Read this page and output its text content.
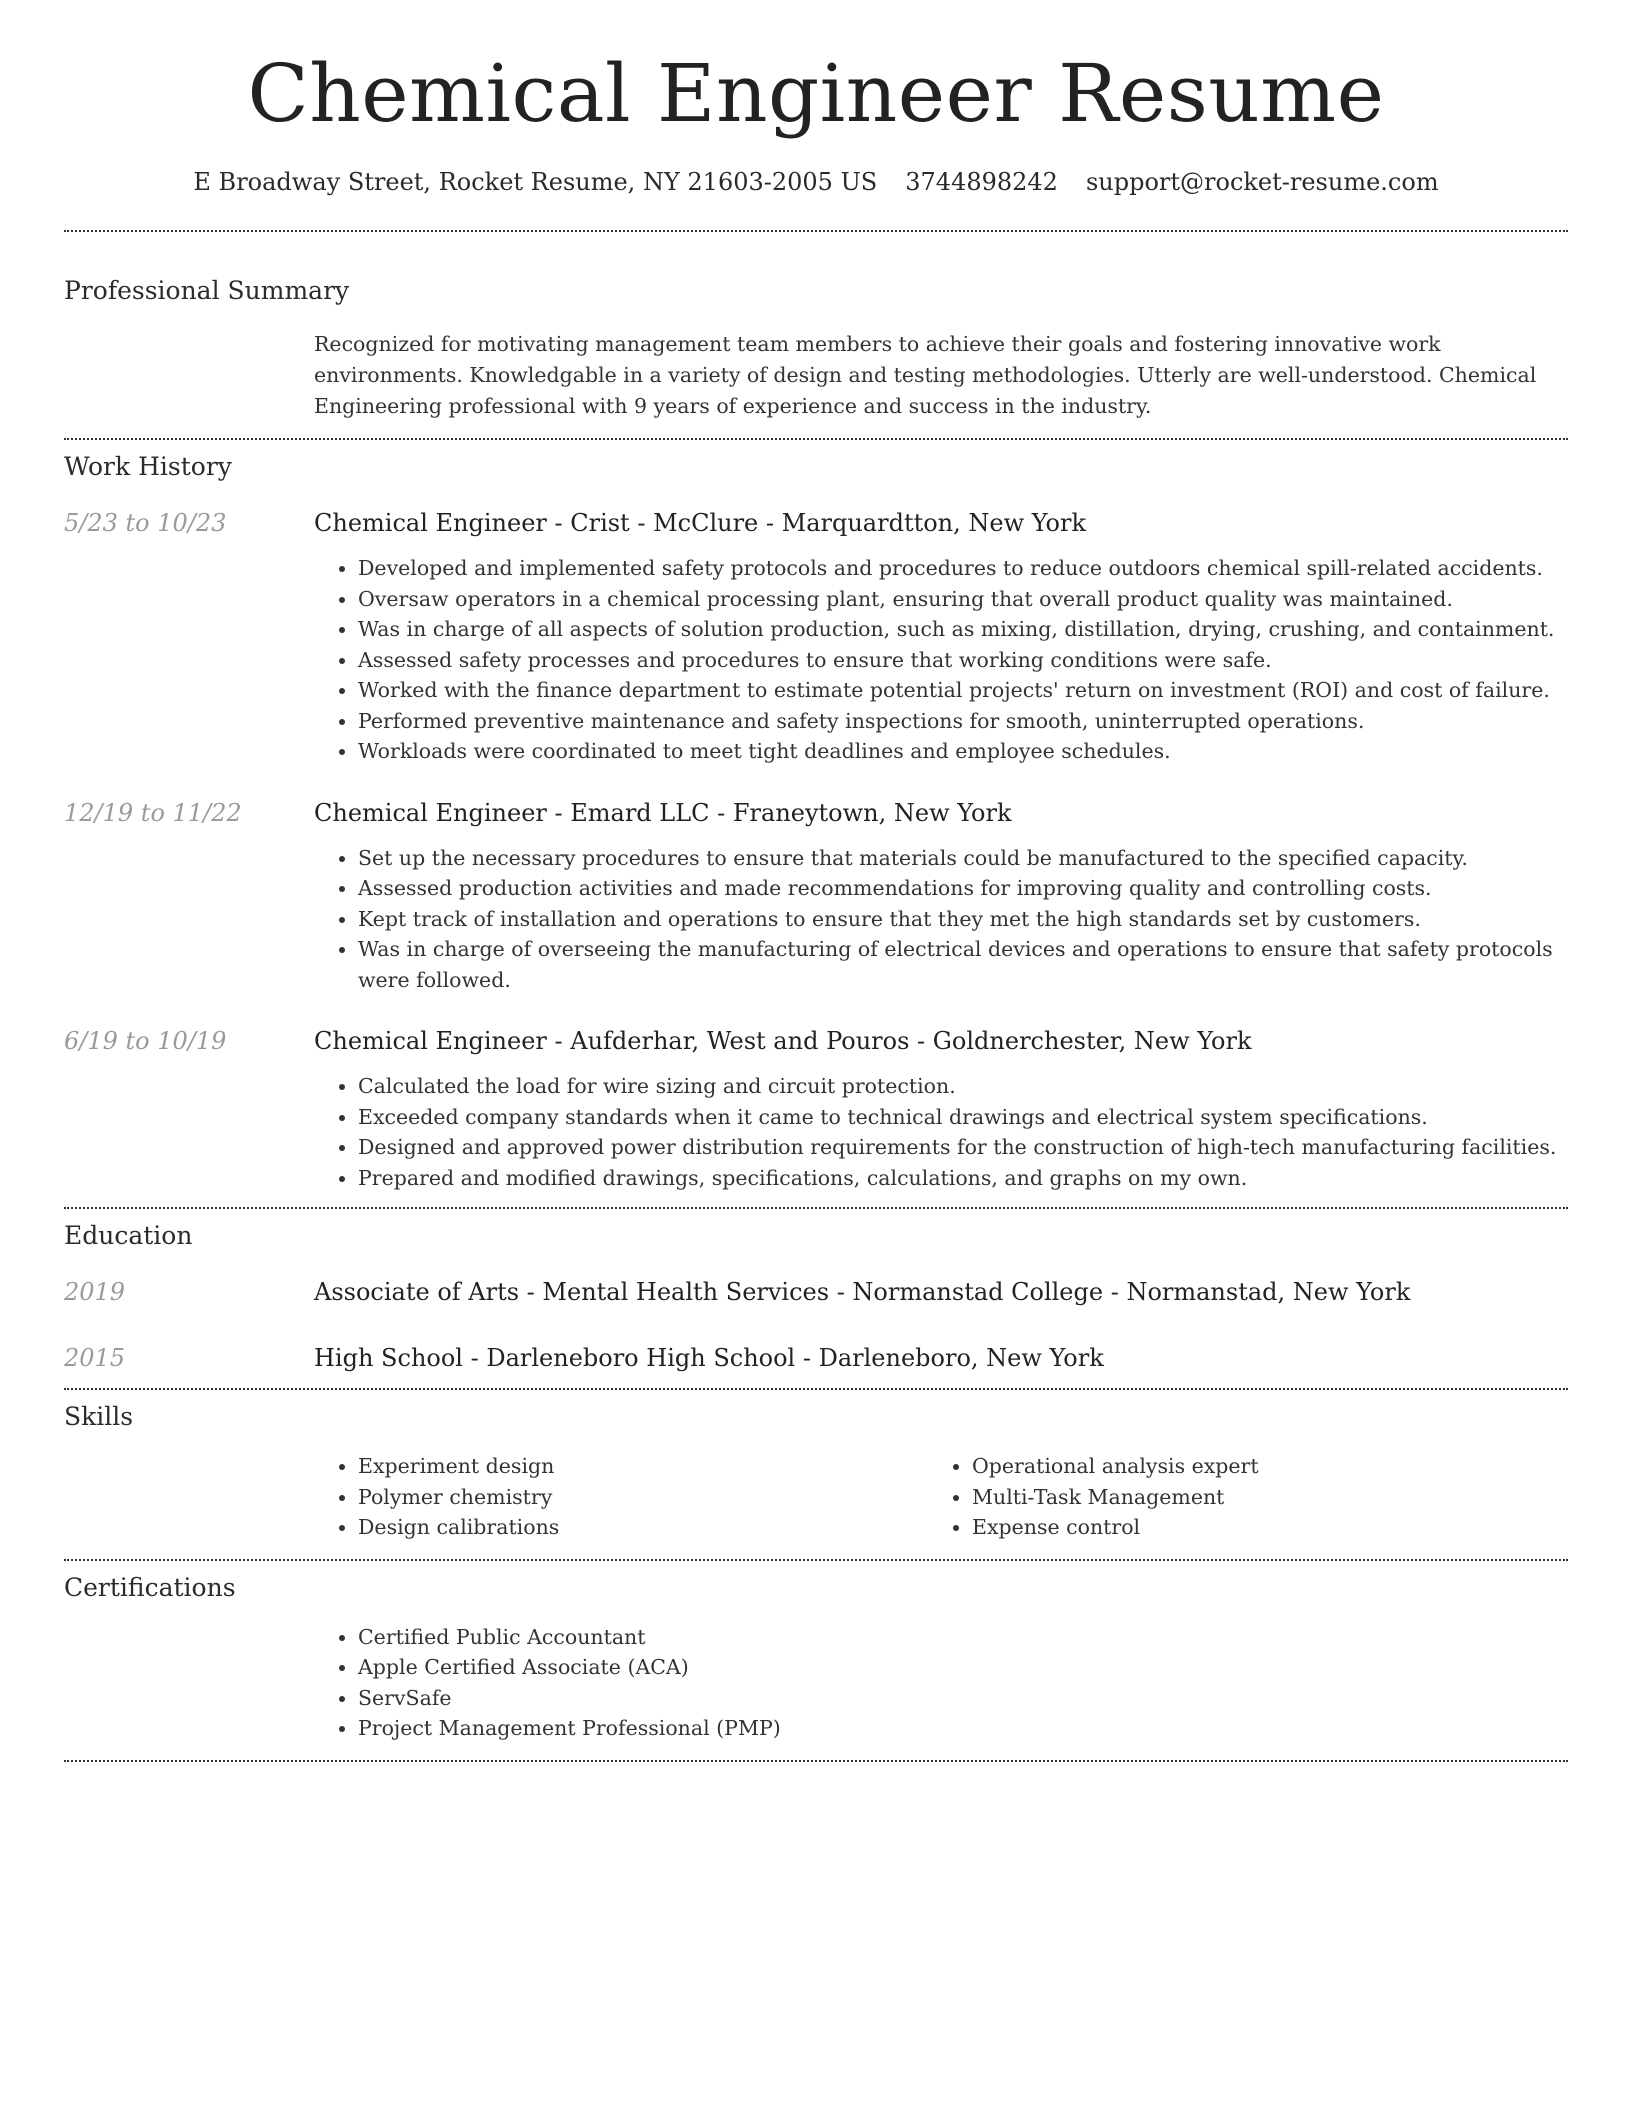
Chemical Engineer Resume
E Broadway Street, Rocket Resume, NY 21603-2005 US 3744898242 support@rocket-resume.com
Professional Summary
Recognized for motivating management team members to achieve their goals and fostering innovative work environments. Knowledgable in a variety of design and testing methodologies. Utterly are well-understood. Chemical Engineering professional with 9 years of experience and success in the industry.
Work History
5/23 to 10/23	Chemical Engineer - Crist - McClure - Marquardtton, New York
• Developed and implemented safety protocols and procedures to reduce outdoors chemical spill-related accidents.
• Oversaw operators in a chemical processing plant, ensuring that overall product quality was maintained.
• Was in charge of all aspects of solution production, such as mixing, distillation, drying, crushing, and containment.
• Assessed safety processes and procedures to ensure that working conditions were safe.
• Worked with the finance department to estimate potential projects' return on investment (ROI) and cost of failure.
• Performed preventive maintenance and safety inspections for smooth, uninterrupted operations.
• Workloads were coordinated to meet tight deadlines and employee schedules.
12/19 to 11/22	Chemical Engineer - Emard LLC - Franeytown, New York
• Set up the necessary procedures to ensure that materials could be manufactured to the specified capacity.
• Assessed production activities and made recommendations for improving quality and controlling costs.
• Kept track of installation and operations to ensure that they met the high standards set by customers.
• Was in charge of overseeing the manufacturing of electrical devices and operations to ensure that safety protocols were followed.
6/19 to 10/19	Chemical Engineer - Aufderhar, West and Pouros - Goldnerchester, New York
• Calculated the load for wire sizing and circuit protection.
• Exceeded company standards when it came to technical drawings and electrical system specifications.
• Designed and approved power distribution requirements for the construction of high-tech manufacturing facilities.
• Prepared and modified drawings, specifications, calculations, and graphs on my own.
Education
2019	Associate of Arts - Mental Health Services - Normanstad College - Normanstad, New York
2015	High School - Darleneboro High School - Darleneboro, New York
Skills
• Experiment design
• Polymer chemistry
• Design calibrations
• Operational analysis expert
• Multi-Task Management
• Expense control
Certifications
• Certified Public Accountant
• Apple Certified Associate (ACA)
• ServSafe
• Project Management Professional (PMP)
